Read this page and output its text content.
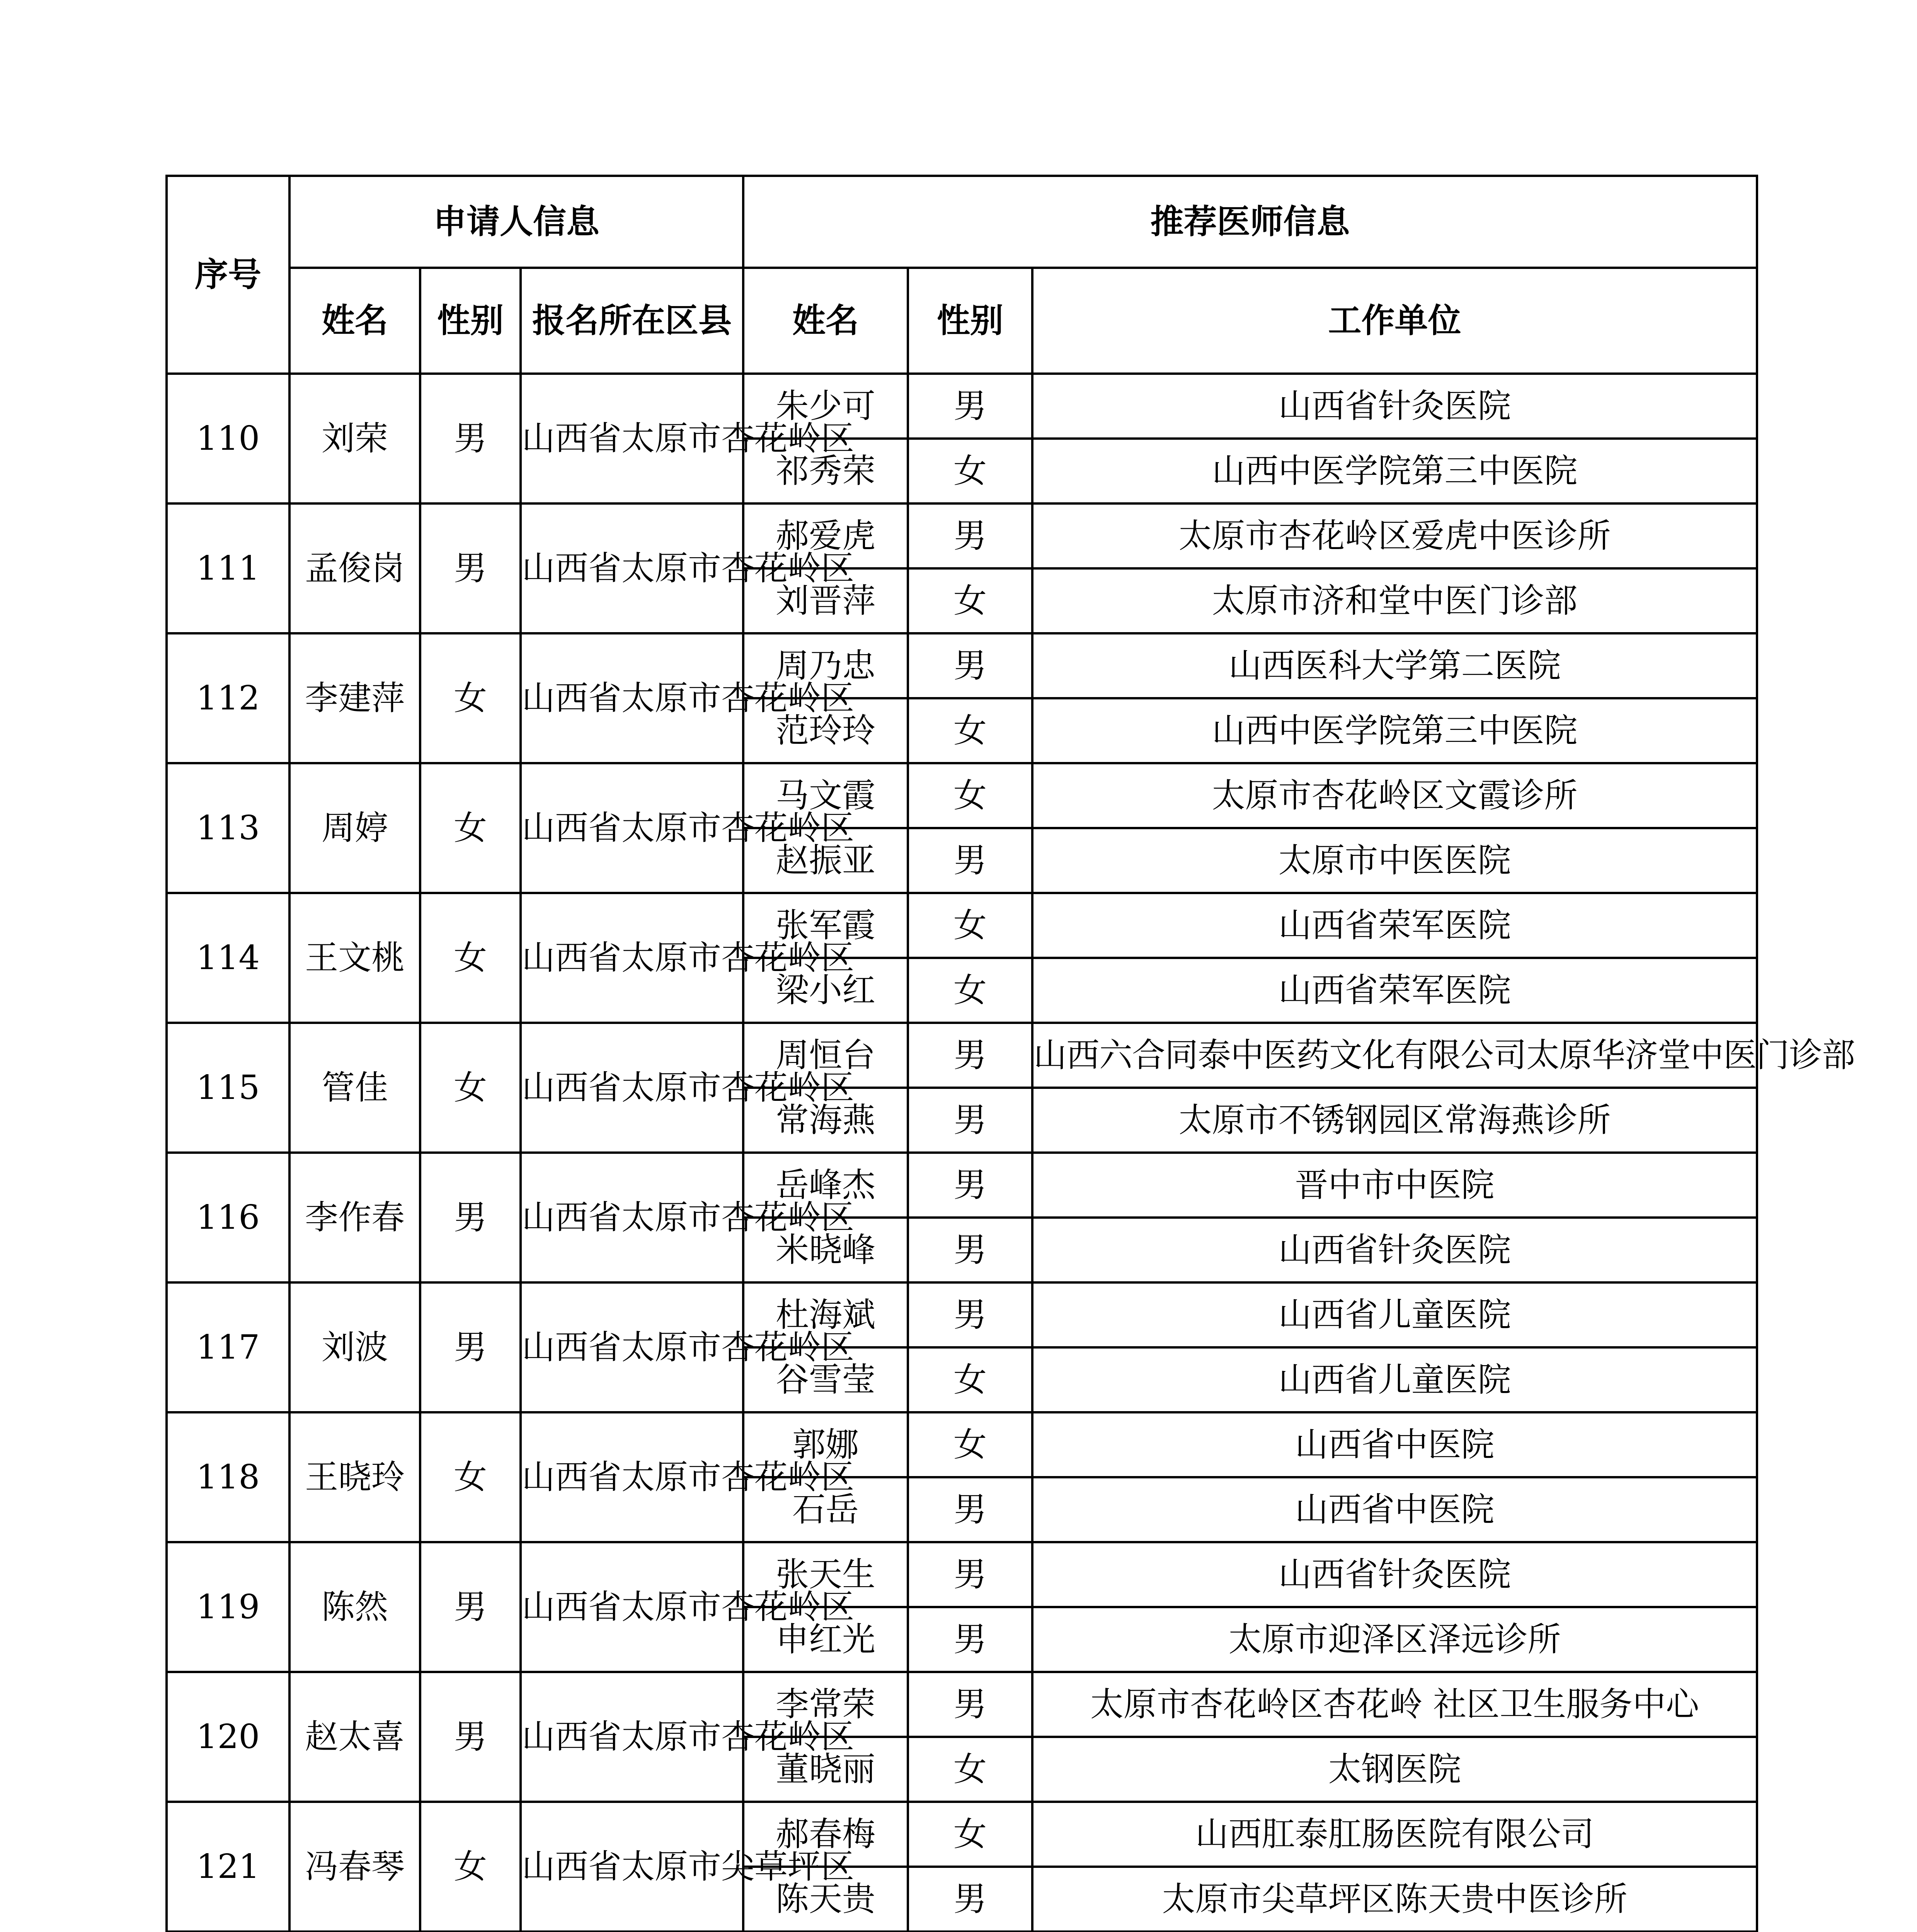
序号	申请人信息			推荐医师信息		
	姓名	性别	报名所在区县	姓名	性别	工作单位
110	刘荣	男	山西省太原市杏花岭区	朱少可	男	山西省针灸医院
				祁秀荣	女	山西中医学院第三中医院
111	孟俊岗	男	山西省太原市杏花岭区	郝爱虎	男	太原市杏花岭区爱虎中医诊所
				刘晋萍	女	太原市济和堂中医门诊部
112	李建萍	女	山西省太原市杏花岭区	周乃忠	男	山西医科大学第二医院
				范玲玲	女	山西中医学院第三中医院
113	周婷	女	山西省太原市杏花岭区	马文霞	女	太原市杏花岭区文霞诊所
				赵振亚	男	太原市中医医院
114	王文桃	女	山西省太原市杏花岭区	张军霞	女	山西省荣军医院
				梁小红	女	山西省荣军医院
115	管佳	女	山西省太原市杏花岭区	周恒台	男	山西六合同泰中医药文化有限公司太原华济堂中医门诊部
				常海燕	男	太原市不锈钢园区常海燕诊所
116	李作春	男	山西省太原市杏花岭区	岳峰杰	男	晋中市中医院
				米晓峰	男	山西省针灸医院
117	刘波	男	山西省太原市杏花岭区	杜海斌	男	山西省儿童医院
				谷雪莹	女	山西省儿童医院
118	王晓玲	女	山西省太原市杏花岭区	郭娜	女	山西省中医院
				石岳	男	山西省中医院
119	陈然	男	山西省太原市杏花岭区	张天生	男	山西省针灸医院
				申红光	男	太原市迎泽区泽远诊所
120	赵太喜	男	山西省太原市杏花岭区	李常荣	男	太原市杏花岭区杏花岭 社区卫生服务中心
				董晓丽	女	太钢医院
121	冯春琴	女	山西省太原市尖草坪区	郝春梅	女	山西肛泰肛肠医院有限公司
				陈天贵	男	太原市尖草坪区陈天贵中医诊所
